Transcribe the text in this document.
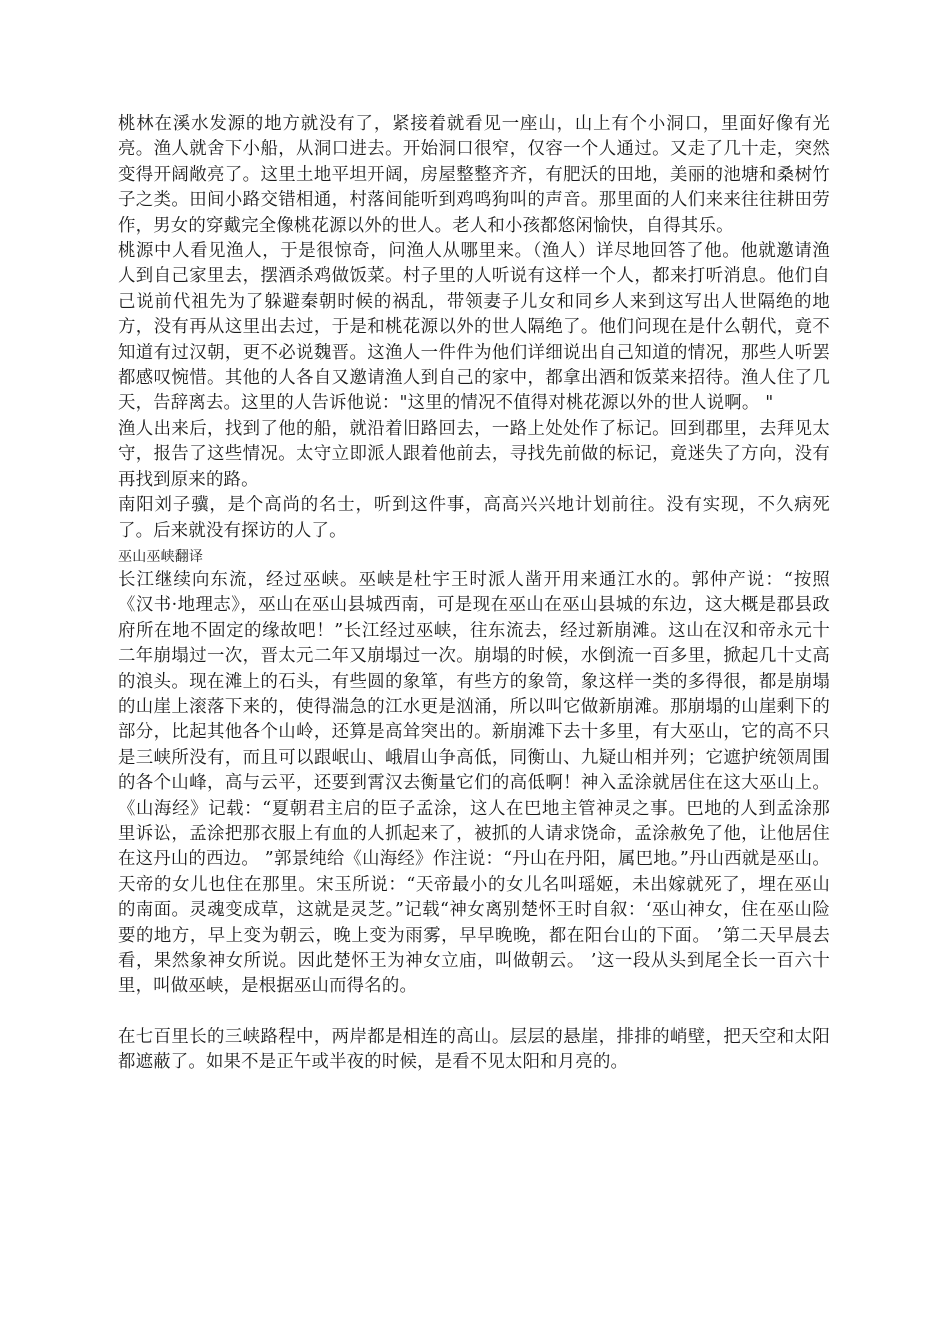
桃林在溪水发源的地方就没有了，紧接着就看见一座山，山上有个小洞口，里面好像有光亮。渔人就舍下小船，从洞口进去。开始洞口很窄，仅容一个人通过。又走了几十走，突然变得开阔敞亮了。这里土地平坦开阔，房屋整整齐齐，有肥沃的田地，美丽的池塘和桑树竹子之类。田间小路交错相通，村落间能听到鸡鸣狗叫的声音。那里面的人们来来往往耕田劳作，男女的穿戴完全像桃花源以外的世人。老人和小孩都悠闲愉快，自得其乐。

桃源中人看见渔人，于是很惊奇，问渔人从哪里来。（渔人）详尽地回答了他。他就邀请渔人到自己家里去，摆酒杀鸡做饭菜。村子里的人听说有这样一个人，都来打听消息。他们自己说前代祖先为了躲避秦朝时候的祸乱，带领妻子儿女和同乡人来到这写出人世隔绝的地方，没有再从这里出去过，于是和桃花源以外的世人隔绝了。他们问现在是什么朝代，竟不知道有过汉朝，更不必说魏晋。这渔人一件件为他们详细说出自己知道的情况，那些人听罢都感叹惋惜。其他的人各自又邀请渔人到自己的家中，都拿出酒和饭菜来招待。渔人住了几天，告辞离去。这里的人告诉他说："这里的情况不值得对桃花源以外的世人说啊。 "

渔人出来后，找到了他的船，就沿着旧路回去，一路上处处作了标记。回到郡里，去拜见太守，报告了这些情况。太守立即派人跟着他前去，寻找先前做的标记，竟迷失了方向，没有再找到原来的路。

南阳刘子骥，是个高尚的名士，听到这件事，高高兴兴地计划前往。没有实现，不久病死了。后来就没有探访的人了。

巫山巫峡翻译

长江继续向东流，经过巫峡。巫峡是杜宇王时派人凿开用来通江水的。郭仲产说：“按照《汉书·地理志》，巫山在巫山县城西南，可是现在巫山在巫山县城的东边，这大概是郡县政府所在地不固定的缘故吧！”长江经过巫峡，往东流去，经过新崩滩。这山在汉和帝永元十二年崩塌过一次，晋太元二年又崩塌过一次。崩塌的时候，水倒流一百多里，掀起几十丈高的浪头。现在滩上的石头，有些圆的象箪，有些方的象笥，象这样一类的多得很，都是崩塌的山崖上滚落下来的，使得湍急的江水更是汹涌，所以叫它做新崩滩。那崩塌的山崖剩下的部分，比起其他各个山岭，还算是高耸突出的。新崩滩下去十多里，有大巫山，它的高不只是三峡所没有，而且可以跟岷山、峨眉山争高低，同衡山、九疑山相并列；它遮护统领周围的各个山峰，高与云平，还要到霄汉去衡量它们的高低啊！神入孟涂就居住在这大巫山上。《山海经》记载：“夏朝君主启的臣子孟涂，这人在巴地主管神灵之事。巴地的人到孟涂那里诉讼，孟涂把那衣服上有血的人抓起来了，被抓的人请求饶命，孟涂赦免了他，让他居住在这丹山的西边。 ”郭景纯给《山海经》作注说：“丹山在丹阳，属巴地。”丹山西就是巫山。天帝的女儿也住在那里。宋玉所说：“天帝最小的女儿名叫瑶姬，未出嫁就死了，埋在巫山的南面。灵魂变成草，这就是灵芝。”记载“神女离别楚怀王时自叙：‘巫山神女，住在巫山险要的地方，早上变为朝云，晚上变为雨雾，早早晚晚，都在阳台山的下面。 ’第二天早晨去看，果然象神女所说。因此楚怀王为神女立庙，叫做朝云。 ’这一段从头到尾全长一百六十里，叫做巫峡，是根据巫山而得名的。

在七百里长的三峡路程中，两岸都是相连的高山。层层的悬崖，排排的峭壁，把天空和太阳都遮蔽了。如果不是正午或半夜的时候，是看不见太阳和月亮的。
